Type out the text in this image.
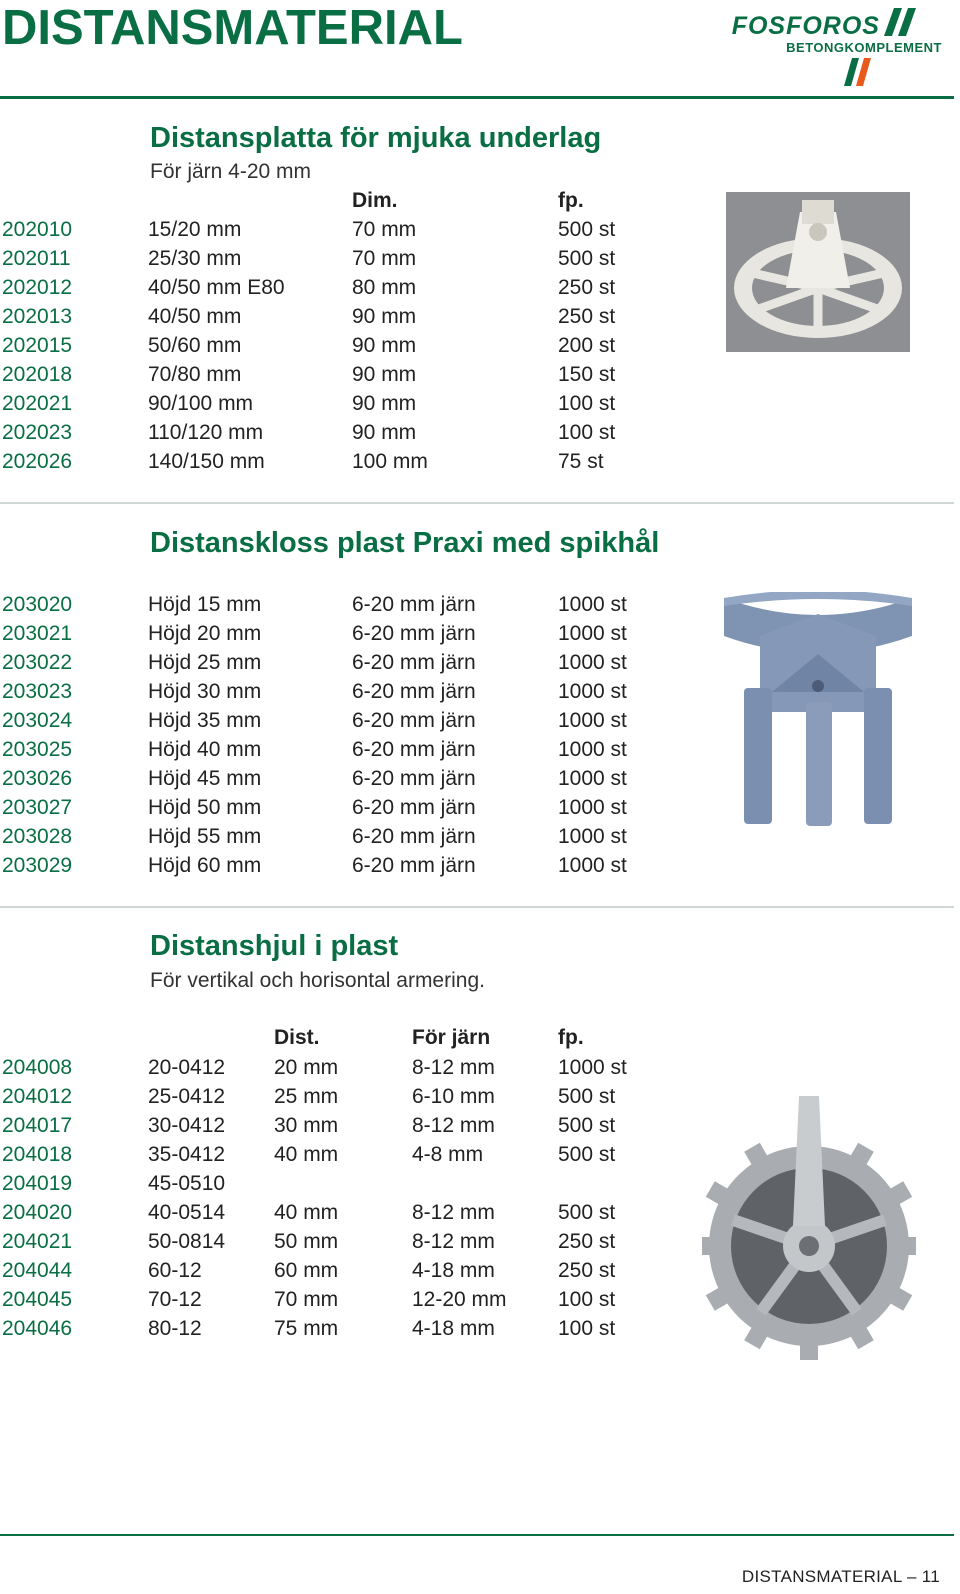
DISTANSMATERIAL	FOSFOROS
BETONGKOMPLEMENT
Distansplatta för mjuka underlag
För järn 4-20 mm
Dim.	fp.
202010	15/20 mm	70 mm	500 st
202011	25/30 mm	70 mm	500 st
202012	40/50 mm E80	80 mm	250 st
202013	40/50 mm	90 mm	250 st
202015	50/60 mm	90 mm	200 st
202018	70/80 mm	90 mm	150 st
202021	90/100 mm	90 mm	100 st
202023	110/120 mm	90 mm	100 st
202026	140/150 mm	100 mm	75 st
Distanskloss plast Praxi med spikhål
203020	Höjd 15 mm	6-20 mm järn	1000 st
203021	Höjd 20 mm	6-20 mm järn	1000 st
203022	Höjd 25 mm	6-20 mm järn	1000 st
203023	Höjd 30 mm	6-20 mm järn	1000 st
203024	Höjd 35 mm	6-20 mm järn	1000 st
203025	Höjd 40 mm	6-20 mm järn	1000 st
203026	Höjd 45 mm	6-20 mm järn	1000 st
203027	Höjd 50 mm	6-20 mm järn	1000 st
203028	Höjd 55 mm	6-20 mm järn	1000 st
203029	Höjd 60 mm	6-20 mm järn	1000 st
Distanshjul i plast
För vertikal och horisontal armering.
Dist.	För järn	fp.
204008	20-0412 20 mm	8-12 mm	1000 st
204012	25-0412 25 mm	6-10 mm	500 st
204017	30-0412 30 mm	8-12 mm	500 st
204018	35-0412 40 mm	4-8 mm	500 st
204019	45-0510
204020	40-0514 40 mm	8-12 mm	500 st
204021	50-0814 50 mm	8-12 mm	250 st
204044	60-12	60 mm	4-18 mm	250 st
204045	70-12	70 mm	12-20 mm 100 st
204046	80-12	75 mm	4-18 mm	100 st
DISTANSMATERIAL – 11
